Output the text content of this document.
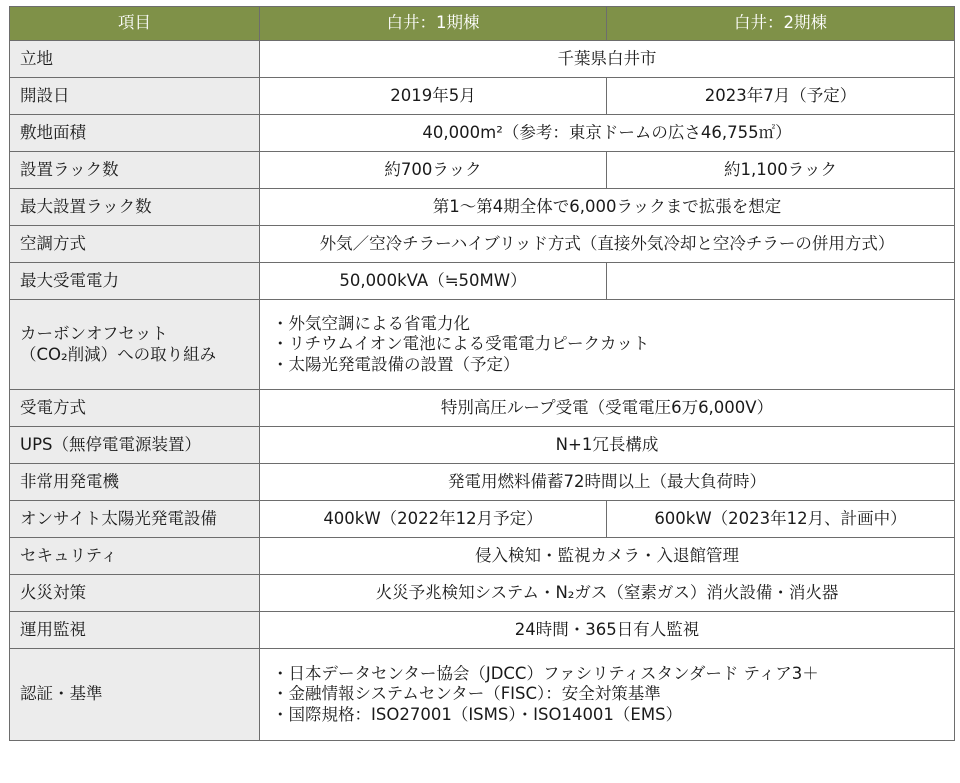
項目	白井：1期棟	白井：2期棟
立地	千葉県白井市	
開設日	2019年5月	2023年7月（予定）
敷地面積	40,000m²（参考：東京ドームの広さ46,755㎡）	
設置ラック数	約700ラック	約1,100ラック
最大設置ラック数	第1〜第4期全体で6,000ラックまで拡張を想定	
空調方式	外気／空冷チラーハイブリッド方式（直接外気冷却と空冷チラーの併用方式）	
最大受電電力	50,000kVA（≒50MW）	

カーボンオフセット
（CO₂削減）への取り組み	・外気空調による省電力化
・リチウムイオン電池による受電電力ピークカット
・太陽光発電設備の設置（予定）	

受電方式	特別高圧ループ受電（受電電圧6万6,000V）	
UPS（無停電電源装置）	N+1冗長構成	
非常用発電機	発電用燃料備蓄72時間以上（最大負荷時）	
オンサイト太陽光発電設備	400kW（2022年12月予定）	600kW（2023年12月、計画中）
セキュリティ	侵入検知・監視カメラ・入退館管理	
火災対策	火災予兆検知システム・N₂ガス（窒素ガス）消火設備・消火器	
運用監視	24時間・365日有人監視	
認証・基準	・日本データセンター協会（JDCC）ファシリティスタンダード ティア3＋
・金融情報システムセンター（FISC）：安全対策基準
・国際規格：ISO27001（ISMS）・ISO14001（EMS）	
